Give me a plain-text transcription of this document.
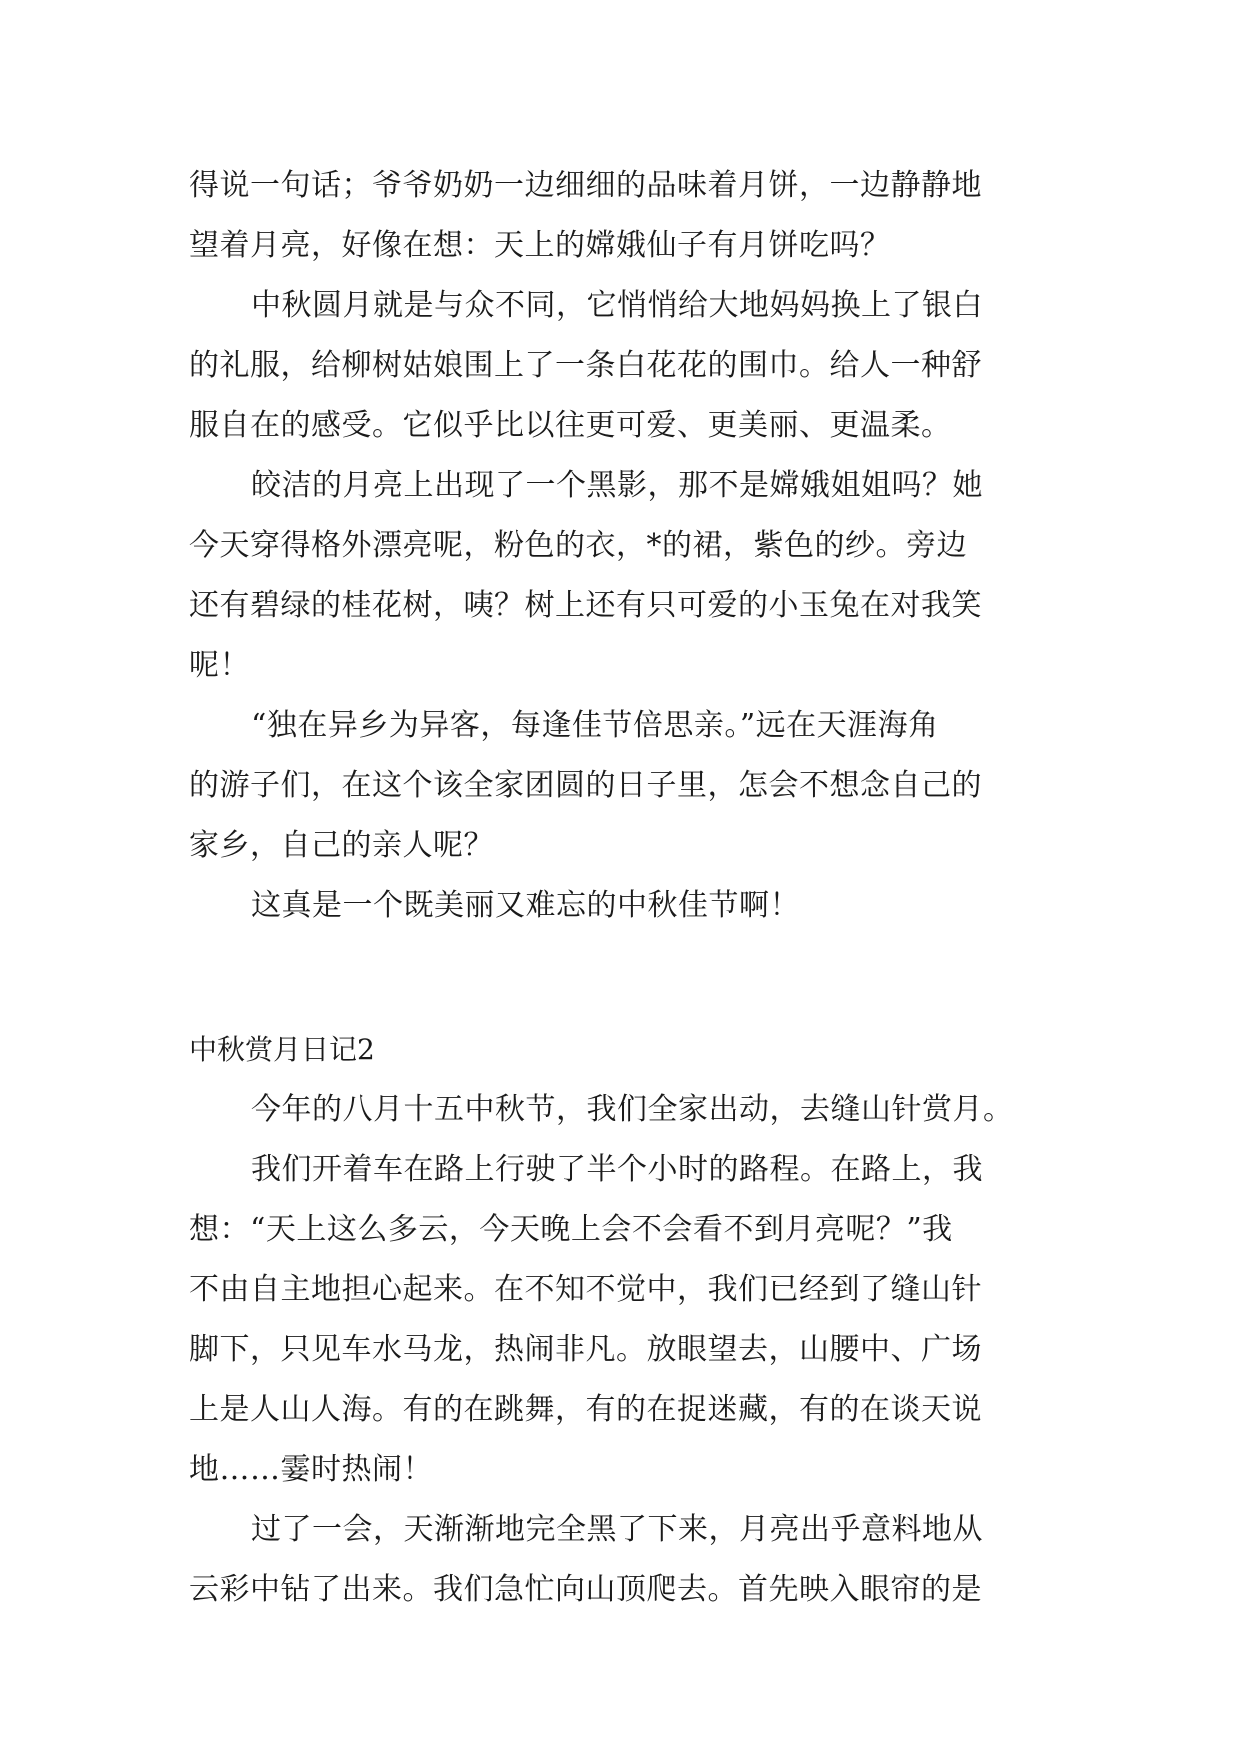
得说一句话；爷爷奶奶一边细细的品味着月饼，一边静静地
望着月亮，好像在想：天上的嫦娥仙子有月饼吃吗？
中秋圆月就是与众不同，它悄悄给大地妈妈换上了银白
的礼服，给柳树姑娘围上了一条白花花的围巾。给人一种舒
服自在的感受。它似乎比以往更可爱、更美丽、更温柔。
皎洁的月亮上出现了一个黑影，那不是嫦娥姐姐吗？她
今天穿得格外漂亮呢，粉色的衣，*的裙，紫色的纱。旁边
还有碧绿的桂花树，咦？树上还有只可爱的小玉兔在对我笑
呢！
“独在异乡为异客，每逢佳节倍思亲。”远在天涯海角
的游子们，在这个该全家团圆的日子里，怎会不想念自己的
家乡，自己的亲人呢？
这真是一个既美丽又难忘的中秋佳节啊！
中秋赏月日记2
今年的八月十五中秋节，我们全家出动，去缝山针赏月。
我们开着车在路上行驶了半个小时的路程。在路上，我
想：“天上这么多云，今天晚上会不会看不到月亮呢？”我
不由自主地担心起来。在不知不觉中，我们已经到了缝山针
脚下，只见车水马龙，热闹非凡。放眼望去，山腰中、广场
上是人山人海。有的在跳舞，有的在捉迷藏，有的在谈天说
地……霎时热闹！
过了一会，天渐渐地完全黑了下来，月亮出乎意料地从
云彩中钻了出来。我们急忙向山顶爬去。首先映入眼帘的是
